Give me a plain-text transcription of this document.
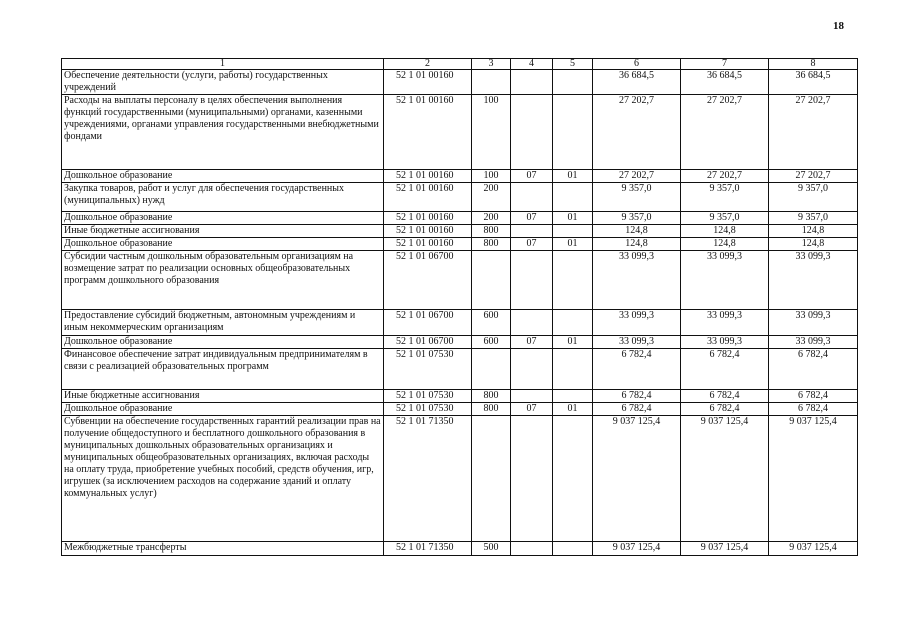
18
1	2	3	4	5	6	7	8
Обеспечение деятельности (услуги, работы) государственных учреждений	52 1 01 00160				36 684,5	36 684,5	36 684,5
Расходы на выплаты персоналу в целях обеспечения выполнения функций государственными (муниципальными) органами, казенными учреждениями, органами управления государственными внебюджетными фондами	52 1 01 00160	100			27 202,7	27 202,7	27 202,7
Дошкольное образование	52 1 01 00160	100	07	01	27 202,7	27 202,7	27 202,7
Закупка товаров, работ и услуг для обеспечения государственных (муниципальных) нужд	52 1 01 00160	200			9 357,0	9 357,0	9 357,0
Дошкольное образование	52 1 01 00160	200	07	01	9 357,0	9 357,0	9 357,0
Иные бюджетные ассигнования	52 1 01 00160	800			124,8	124,8	124,8
Дошкольное образование	52 1 01 00160	800	07	01	124,8	124,8	124,8
Субсидии частным дошкольным образовательным организациям на возмещение затрат по реализации основных общеобразовательных программ дошкольного образования	52 1 01 06700				33 099,3	33 099,3	33 099,3
Предоставление субсидий бюджетным, автономным учреждениям и иным некоммерческим организациям	52 1 01 06700	600			33 099,3	33 099,3	33 099,3
Дошкольное образование	52 1 01 06700	600	07	01	33 099,3	33 099,3	33 099,3
Финансовое обеспечение затрат индивидуальным предпринимателям в связи с реализацией образовательных программ	52 1 01 07530				6 782,4	6 782,4	6 782,4
Иные бюджетные ассигнования	52 1 01 07530	800			6 782,4	6 782,4	6 782,4
Дошкольное образование	52 1 01 07530	800	07	01	6 782,4	6 782,4	6 782,4
Субвенции на обеспечение государственных гарантий реализации прав на получение общедоступного и бесплатного дошкольного образования в муниципальных дошкольных образовательных организациях и муниципальных общеобразовательных организациях, включая расходы на оплату труда, приобретение учебных пособий, средств обучения, игр, игрушек (за исключением расходов на содержание зданий и оплату коммунальных услуг)	52 1 01 71350				9 037 125,4	9 037 125,4	9 037 125,4
Межбюджетные трансферты	52 1 01 71350	500			9 037 125,4	9 037 125,4	9 037 125,4
